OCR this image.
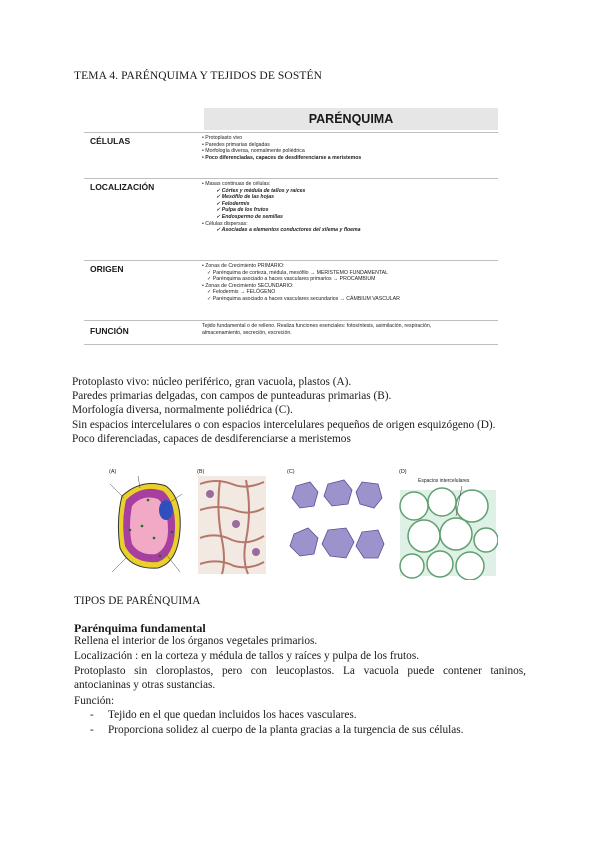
TEMA 4. PARÉNQUIMA Y TEJIDOS DE SOSTÉN
PARÉNQUIMA
CÉLULAS	• Protoplasto vivo
• Paredes primarias delgadas
• Morfología diversa, normalmente poliédrica
• Poco diferenciadas, capaces de desdiferenciarse a meristemos
LOCALIZACIÓN	• Masas continuas de células:
✓ Córtex y médula de tallos y raíces
✓ Mesófilo de las hojas
✓ Felodermis
✓ Pulpa de los frutos
✓ Endospermo de semillas
• Células dispersas:
✓ Asociadas a elementos conductores del xilema y floema
ORIGEN	• Zonas de Crecimiento PRIMARIO:
✓ Parénquima de corteza, médula, mesófilo → MERISTEMO FUNDAMENTAL
✓ Parénquima asociado a haces vasculares primarios → PROCAMBIUM
• Zonas de Crecimiento SECUNDARIO:
✓ Felodermis → FELÓGENO
✓ Parénquima asociado a haces vasculares secundarios → CÁMBIUM VASCULAR
FUNCIÓN	Tejido fundamental o de relleno. Realiza funciones esenciales: fotosíntesis, asimilación, respiración,
almacenamiento, secreción, excreción.
Protoplasto vivo: núcleo periférico, gran vacuola, plastos (A).
Paredes primarias delgadas, con campos de punteaduras primarias (B).
Morfología diversa, normalmente poliédrica (C).
Sin espacios intercelulares o con espacios intercelulares pequeños de origen esquizógeno (D).
Poco diferenciadas, capaces de desdiferenciarse a meristemos
(A)	(B)	(C)	(D)
Espacios intercelulares
TIPOS DE PARÉNQUIMA
Parénquima fundamental
Rellena el interior de los órganos vegetales primarios.
Localización : en la corteza y médula de tallos y raíces y pulpa de los frutos.
Protoplasto sin cloroplastos, pero con leucoplastos. La vacuola puede contener taninos, antocianinas y otras sustancias.
Función:
- Tejido en el que quedan incluidos los haces vasculares.
- Proporciona solidez al cuerpo de la planta gracias a la turgencia de sus células.
